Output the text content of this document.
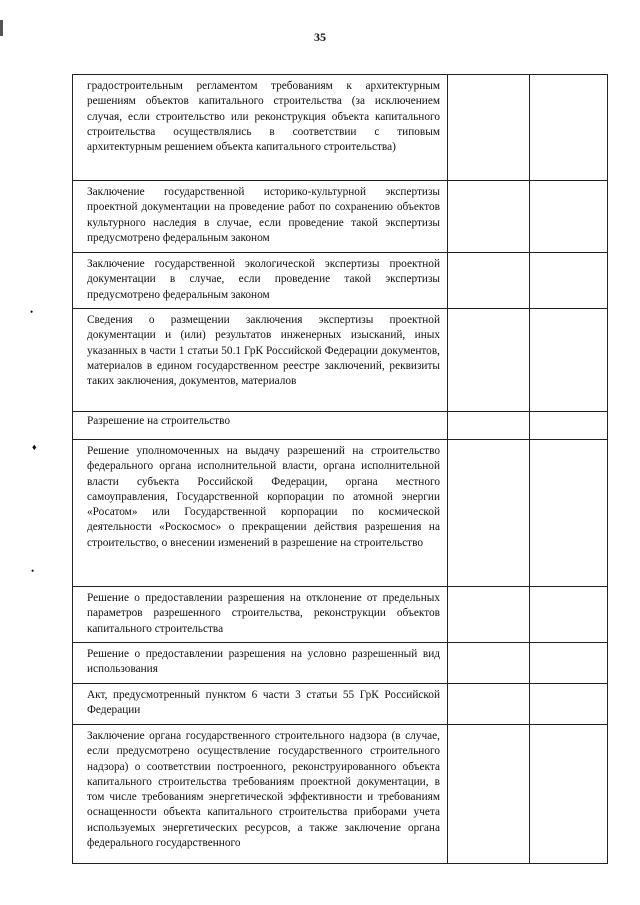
35
•
♦
•
градостроительным регламентом требованиям к архитектурным решениям объектов капитального строительства (за исключением случая, если строительство или реконструкция объекта капитального строительства осуществлялись в соответствии с типовым архитектурным решением объекта капитального строительства)		

Заключение государственной историко-культурной экспертизы проектной документации на проведение работ по сохранению объектов культурного наследия в случае, если проведение такой экспертизы предусмотрено федеральным законом		

Заключение государственной экологической экспертизы проектной документации в случае, если проведение такой экспертизы предусмотрено федеральным законом		

Сведения о размещении заключения экспертизы проектной документации и (или) результатов инженерных изысканий, иных указанных в части 1 статьи 50.1 ГрК Российской Федерации документов, материалов в едином государственном реестре заключений, реквизиты таких заключения, документов, материалов		

Разрешение на строительство		

Решение уполномоченных на выдачу разрешений на строительство федерального органа исполнительной власти, органа исполнительной власти субъекта Российской Федерации, органа местного самоуправления, Государственной корпорации по атомной энергии «Росатом» или Государственной корпорации по космической деятельности «Роскосмос» о прекращении действия разрешения на строительство, о внесении изменений в разрешение на строительство		

Решение о предоставлении разрешения на отклонение от предельных параметров разрешенного строительства, реконструкции объектов капитального строительства		

Решение о предоставлении разрешения на условно разрешенный вид использования		

Акт, предусмотренный пунктом 6 части 3 статьи 55 ГрК Российской Федерации		

Заключение органа государственного строительного надзора (в случае, если предусмотрено осуществление государственного строительного надзора) о соответствии построенного, реконструированного объекта капитального строительства требованиям проектной документации, в том числе требованиям энергетической эффективности и требованиям оснащенности объекта капитального строительства приборами учета используемых энергетических ресурсов, а также заключение органа федерального государственного		
